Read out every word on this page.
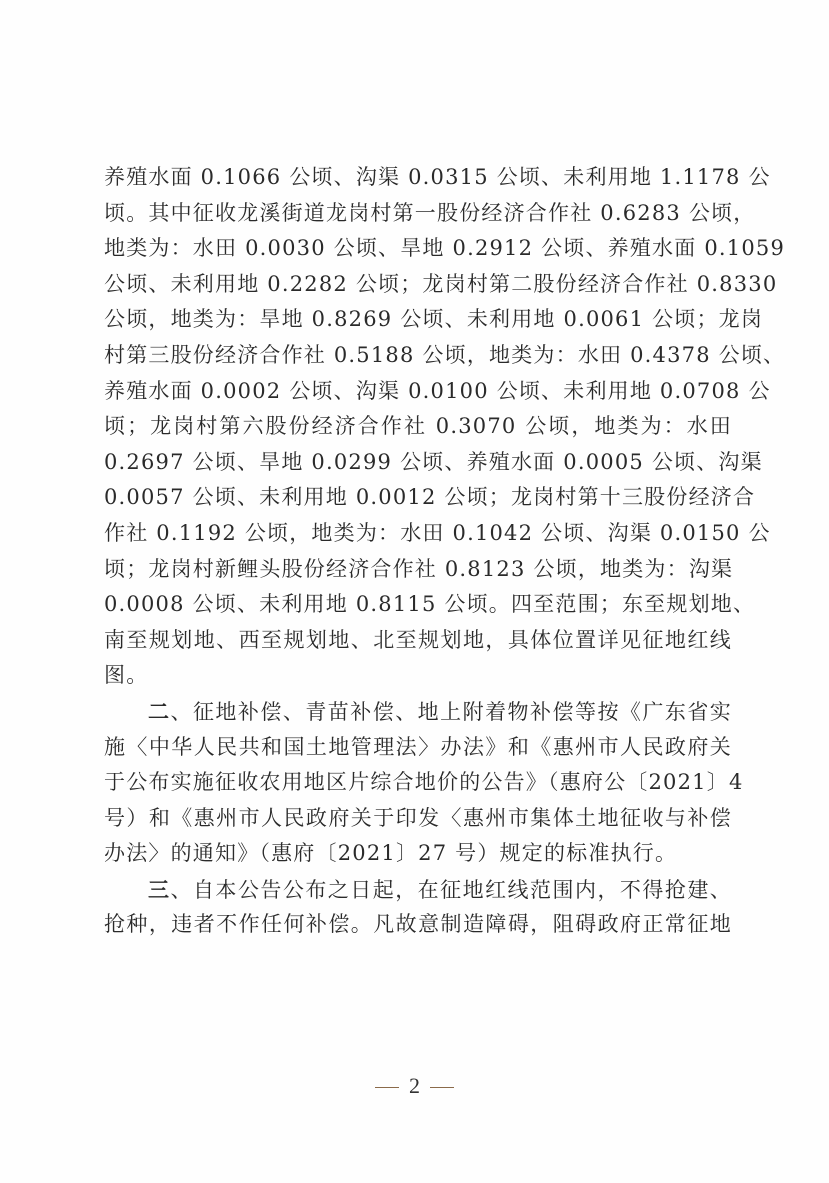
养殖水面 0.1066 公顷、沟渠 0.0315 公顷、未利用地 1.1178 公
顷。其中征收龙溪街道龙岗村第一股份经济合作社 0.6283 公顷，
地类为：水田 0.0030 公顷、旱地 0.2912 公顷、养殖水面 0.1059
公顷、未利用地 0.2282 公顷；龙岗村第二股份经济合作社 0.8330
公顷，地类为：旱地 0.8269 公顷、未利用地 0.0061 公顷；龙岗
村第三股份经济合作社 0.5188 公顷，地类为：水田 0.4378 公顷、
养殖水面 0.0002 公顷、沟渠 0.0100 公顷、未利用地 0.0708 公
顷；龙岗村第六股份经济合作社 0.3070 公顷，地类为：水田
0.2697 公顷、旱地 0.0299 公顷、养殖水面 0.0005 公顷、沟渠
0.0057 公顷、未利用地 0.0012 公顷；龙岗村第十三股份经济合
作社 0.1192 公顷，地类为：水田 0.1042 公顷、沟渠 0.0150 公
顷；龙岗村新鲤头股份经济合作社 0.8123 公顷，地类为：沟渠
0.0008 公顷、未利用地 0.8115 公顷。四至范围；东至规划地、
南至规划地、西至规划地、北至规划地，具体位置详见征地红线
图。
二、征地补偿、青苗补偿、地上附着物补偿等按《广东省实
施〈中华人民共和国土地管理法〉办法》和《惠州市人民政府关
于公布实施征收农用地区片综合地价的公告》（惠府公〔2021〕4
号）和《惠州市人民政府关于印发〈惠州市集体土地征收与补偿
办法〉的通知》（惠府〔2021〕27 号）规定的标准执行。
三、自本公告公布之日起，在征地红线范围内，不得抢建、
抢种，违者不作任何补偿。凡故意制造障碍，阻碍政府正常征地
2
